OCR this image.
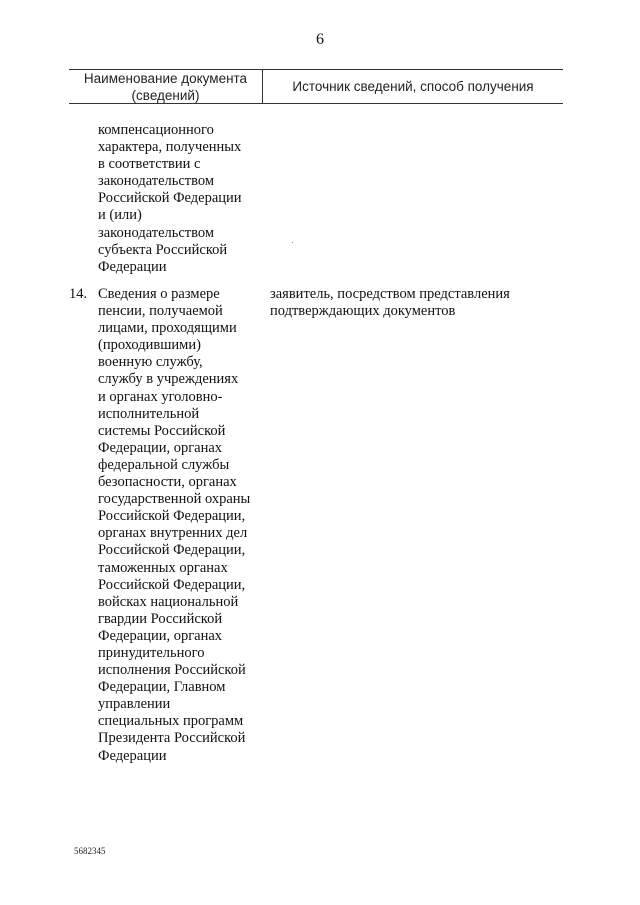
6
Наименование документа (сведений)
Источник сведений, способ получения
компенсационного
характера, полученных
в соответствии с
законодательством
Российской Федерации
и (или)
законодательством
субъекта Российской
Федерации
14. Сведения о размере
пенсии, получаемой
лицами, проходящими
(проходившими)
военную службу,
службу в учреждениях
и органах уголовно-
исполнительной
системы Российской
Федерации, органах
федеральной службы
безопасности, органах
государственной охраны
Российской Федерации,
органах внутренних дел
Российской Федерации,
таможенных органах
Российской Федерации,
войсках национальной
гвардии Российской
Федерации, органах
принудительного
исполнения Российской
Федерации, Главном
управлении
специальных программ
Президента Российской
Федерации
заявитель, посредством представления
подтверждающих документов
5682345
